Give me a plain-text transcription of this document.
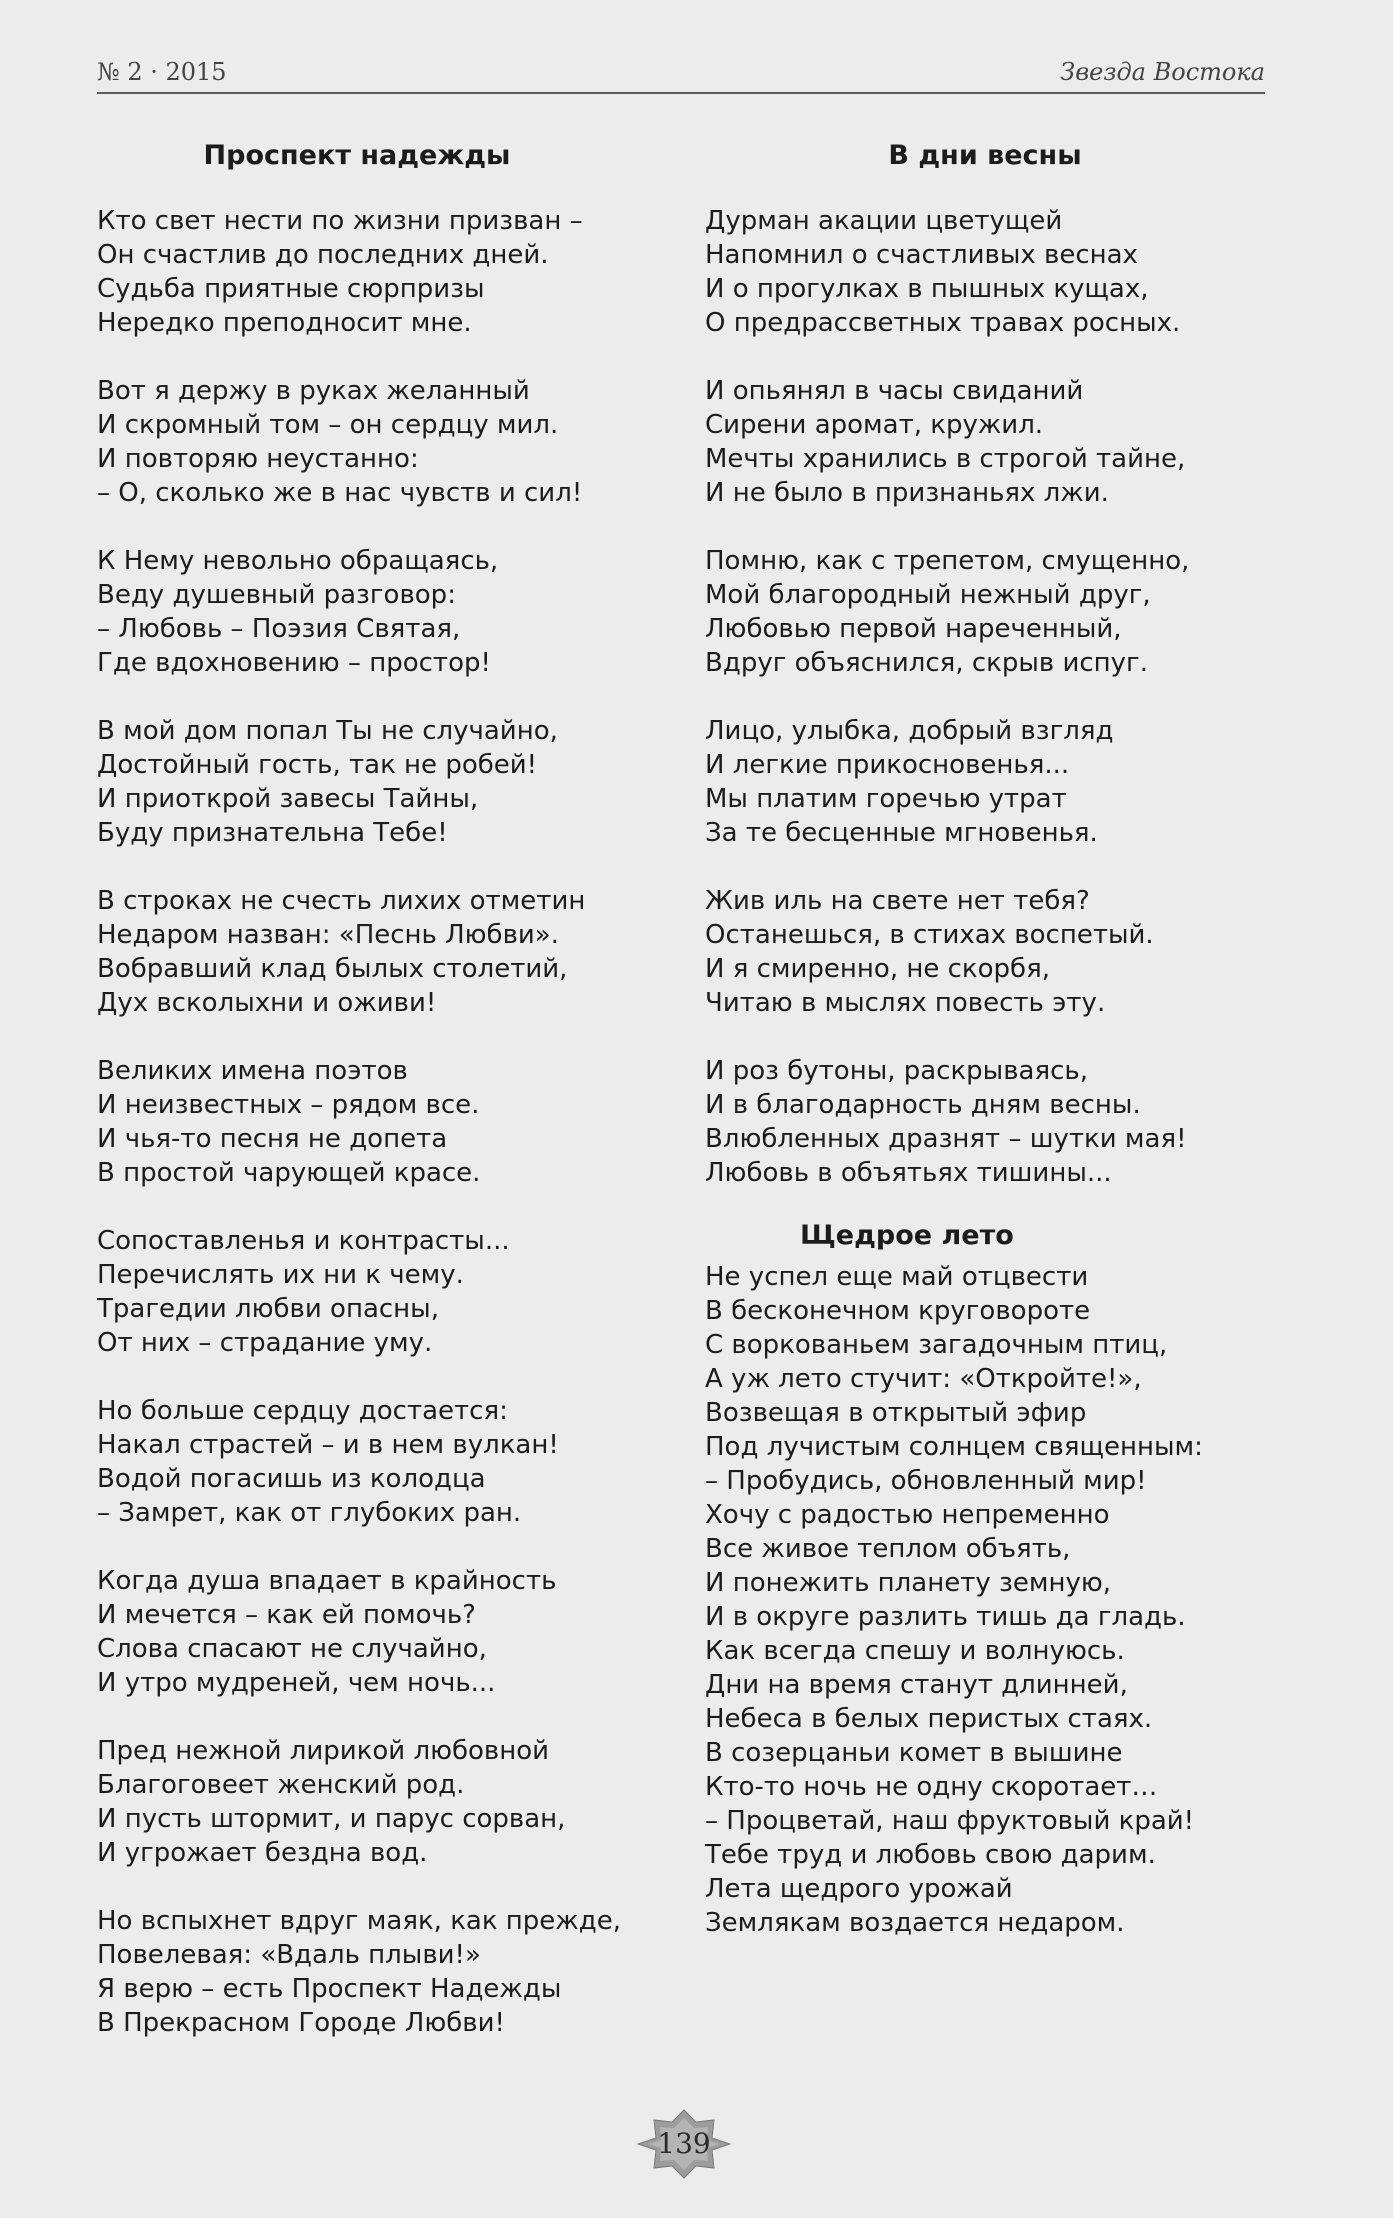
№ 2 · 2015	Звезда Востока
Проспект надежды
Кто свет нести по жизни призван –
Он счастлив до последних дней.
Судьба приятные сюрпризы
Нередко преподносит мне.
Вот я держу в руках желанный
И скромный том – он сердцу мил.
И повторяю неустанно:
– О, сколько же в нас чувств и сил!
К Нему невольно обращаясь,
Веду душевный разговор:
– Любовь – Поэзия Святая,
Где вдохновению – простор!
В мой дом попал Ты не случайно,
Достойный гость, так не робей!
И приоткрой завесы Тайны,
Буду признательна Тебе!
В строках не счесть лихих отметин
Недаром назван: «Песнь Любви».
Вобравший клад былых столетий,
Дух всколыхни и оживи!
Великих имена поэтов
И неизвестных – рядом все.
И чья-то песня не допета
В простой чарующей красе.
Сопоставленья и контрасты...
Перечислять их ни к чему.
Трагедии любви опасны,
От них – страдание уму.
Но больше сердцу достается:
Накал страстей – и в нем вулкан!
Водой погасишь из колодца
– Замрет, как от глубоких ран.
Когда душа впадает в крайность
И мечется – как ей помочь?
Слова спасают не случайно,
И утро мудреней, чем ночь...
Пред нежной лирикой любовной
Благоговеет женский род.
И пусть штормит, и парус сорван,
И угрожает бездна вод.
Но вспыхнет вдруг маяк, как прежде,
Повелевая: «Вдаль плыви!»
Я верю – есть Проспект Надежды
В Прекрасном Городе Любви!
В дни весны
Дурман акации цветущей
Напомнил о счастливых веснах
И о прогулках в пышных кущах,
О предрассветных травах росных.
И опьянял в часы свиданий
Сирени аромат, кружил.
Мечты хранились в строгой тайне,
И не было в признаньях лжи.
Помню, как с трепетом, смущенно,
Мой благородный нежный друг,
Любовью первой нареченный,
Вдруг объяснился, скрыв испуг.
Лицо, улыбка, добрый взгляд
И легкие прикосновенья...
Мы платим горечью утрат
За те бесценные мгновенья.
Жив иль на свете нет тебя?
Останешься, в стихах воспетый.
И я смиренно, не скорбя,
Читаю в мыслях повесть эту.
И роз бутоны, раскрываясь,
И в благодарность дням весны.
Влюбленных дразнят – шутки мая!
Любовь в объятьях тишины...
Щедрое лето
Не успел еще май отцвести
В бесконечном круговороте
С воркованьем загадочным птиц,
А уж лето стучит: «Откройте!»,
Возвещая в открытый эфир
Под лучистым солнцем священным:
– Пробудись, обновленный мир!
Хочу с радостью непременно
Все живое теплом объять,
И понежить планету земную,
И в округе разлить тишь да гладь.
Как всегда спешу и волнуюсь.
Дни на время станут длинней,
Небеса в белых перистых стаях.
В созерцаньи комет в вышине
Кто-то ночь не одну скоротает…
– Процветай, наш фруктовый край!
Тебе труд и любовь свою дарим.
Лета щедрого урожай
Землякам воздается недаром.
139
